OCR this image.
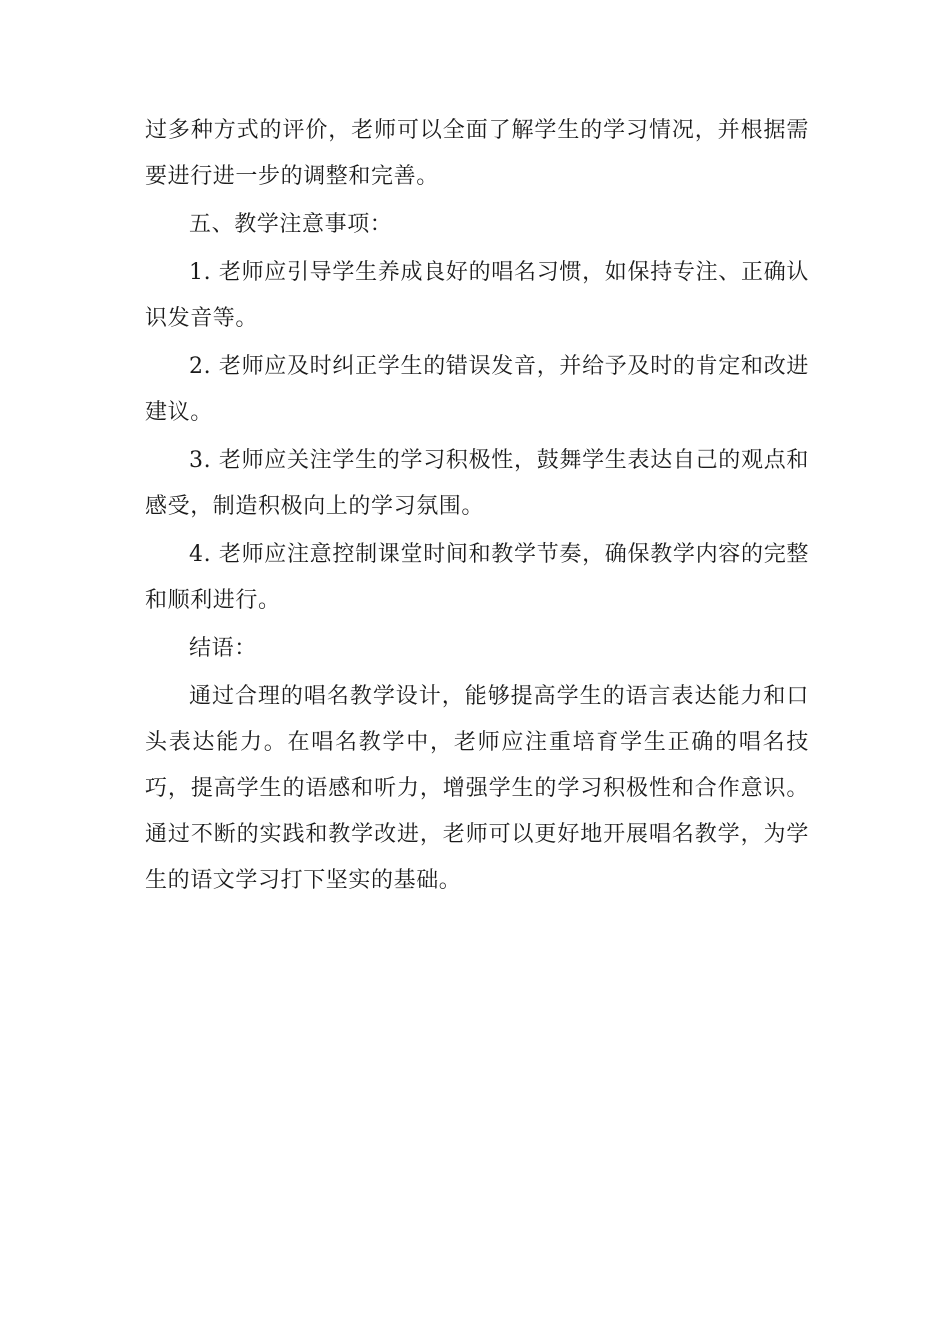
过多种方式的评价，老师可以全面了解学生的学习情况，并根据需要进行进一步的调整和完善。

五、教学注意事项：

1. 老师应引导学生养成良好的唱名习惯，如保持专注、正确认识发音等。

2. 老师应及时纠正学生的错误发音，并给予及时的肯定和改进建议。

3. 老师应关注学生的学习积极性，鼓舞学生表达自己的观点和感受，制造积极向上的学习氛围。

4. 老师应注意控制课堂时间和教学节奏，确保教学内容的完整和顺利进行。

结语：

通过合理的唱名教学设计，能够提高学生的语言表达能力和口头表达能力。在唱名教学中，老师应注重培育学生正确的唱名技巧，提高学生的语感和听力，增强学生的学习积极性和合作意识。通过不断的实践和教学改进，老师可以更好地开展唱名教学，为学生的语文学习打下坚实的基础。
